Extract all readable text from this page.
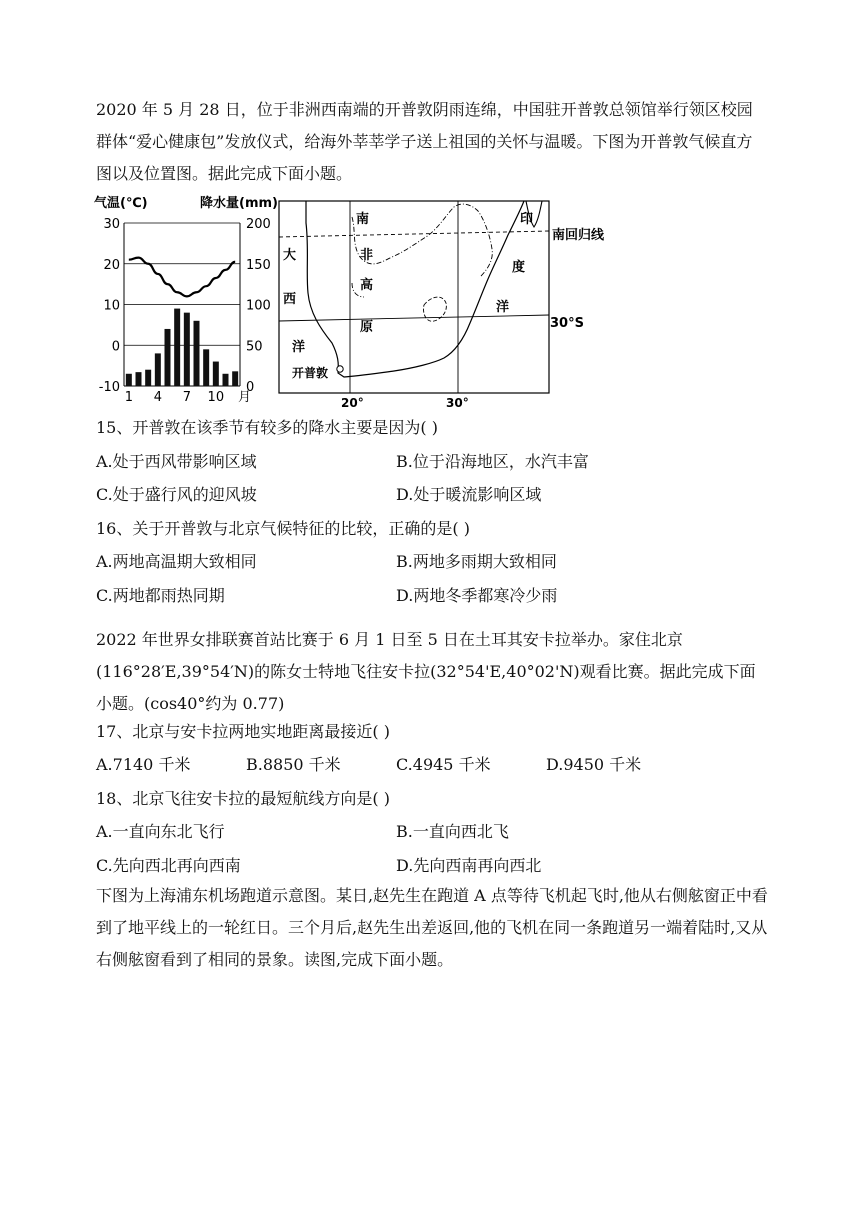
2020 年 5 月 28 日，位于非洲西南端的开普敦阴雨连绵，中国驻开普敦总领馆举行领区校园群体“爱心健康包”发放仪式，给海外莘莘学子送上祖国的关怀与温暖。下图为开普敦气候直方图以及位置图。据此完成下面小题。
气温(℃)	降水量(mm)
30
20
10
0
-10
200
150
100
50
0
1 4 7 10 月
南
非
高
原
大
西
洋
印
度
洋
南回归线
30°S
20°	30°
开普敦
15、开普敦在该季节有较多的降水主要是因为( )
A.处于西风带影响区域	B.位于沿海地区，水汽丰富
C.处于盛行风的迎风坡	D.处于暖流影响区域
16、关于开普敦与北京气候特征的比较，正确的是( )
A.两地高温期大致相同	B.两地多雨期大致相同
C.两地都雨热同期	D.两地冬季都寒冷少雨
2022 年世界女排联赛首站比赛于 6 月 1 日至 5 日在土耳其安卡拉举办。家住北京(116°28′E,39°54′N)的陈女士特地飞往安卡拉(32°54'E,40°02'N)观看比赛。据此完成下面小题。(cos40°约为 0.77)
17、北京与安卡拉两地实地距离最接近( )
A.7140 千米	B.8850 千米	C.4945 千米	D.9450 千米
18、北京飞往安卡拉的最短航线方向是( )
A.一直向东北飞行	B.一直向西北飞
C.先向西北再向西南	D.先向西南再向西北
下图为上海浦东机场跑道示意图。某日,赵先生在跑道 A 点等待飞机起飞时,他从右侧舷窗正中看到了地平线上的一轮红日。三个月后,赵先生出差返回,他的飞机在同一条跑道另一端着陆时,又从右侧舷窗看到了相同的景象。读图,完成下面小题。
